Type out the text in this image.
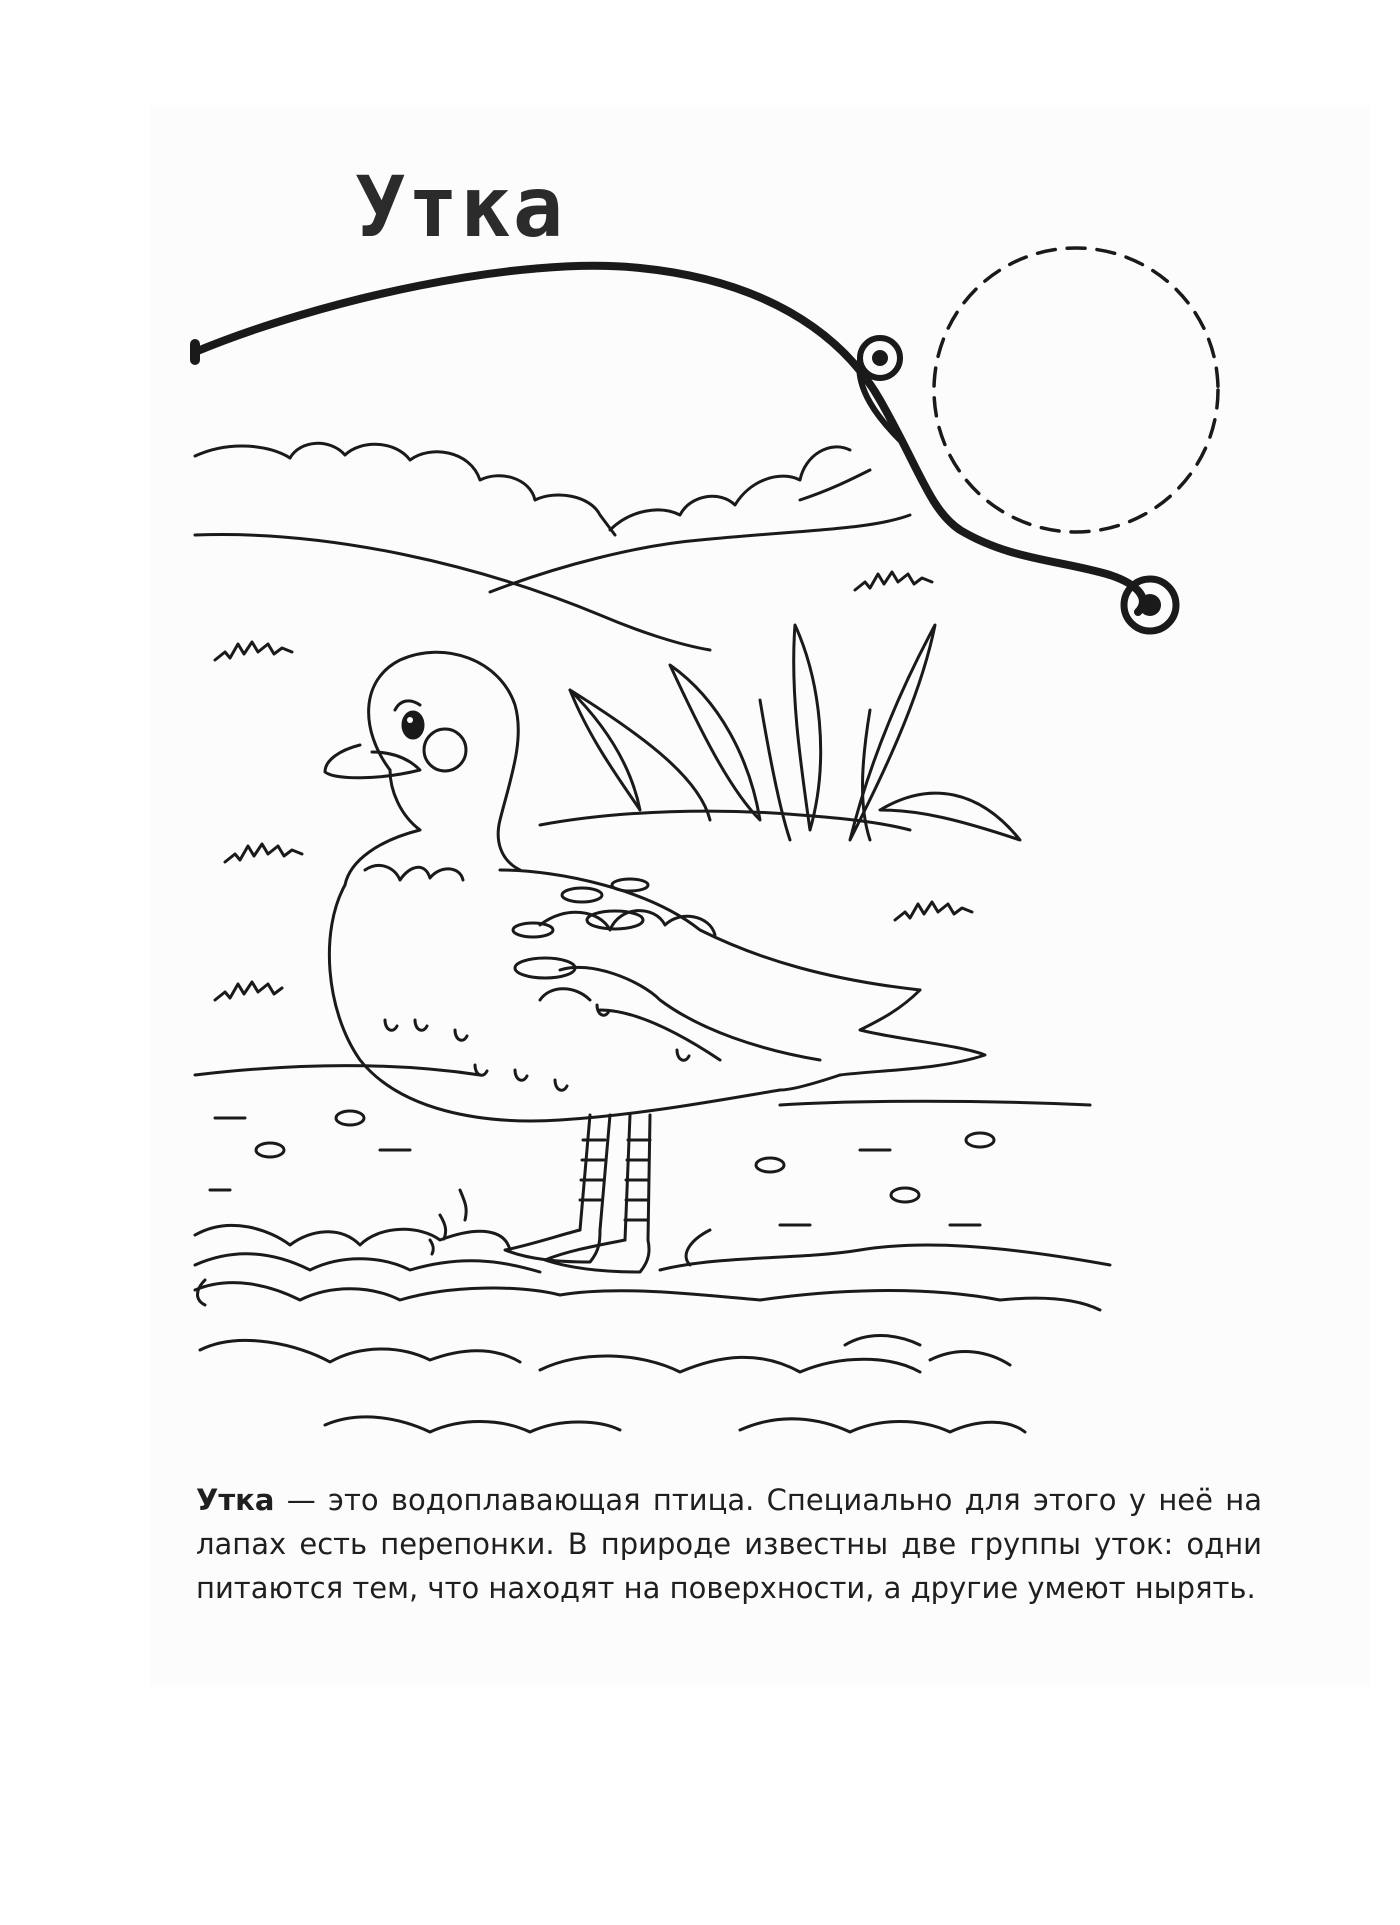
Утка

Утка — это водоплавающая птица. Специально для этого у неё на лапах есть перепонки. В природе известны две группы уток: одни питаются тем, что находят на поверхности, а другие умеют нырять.
